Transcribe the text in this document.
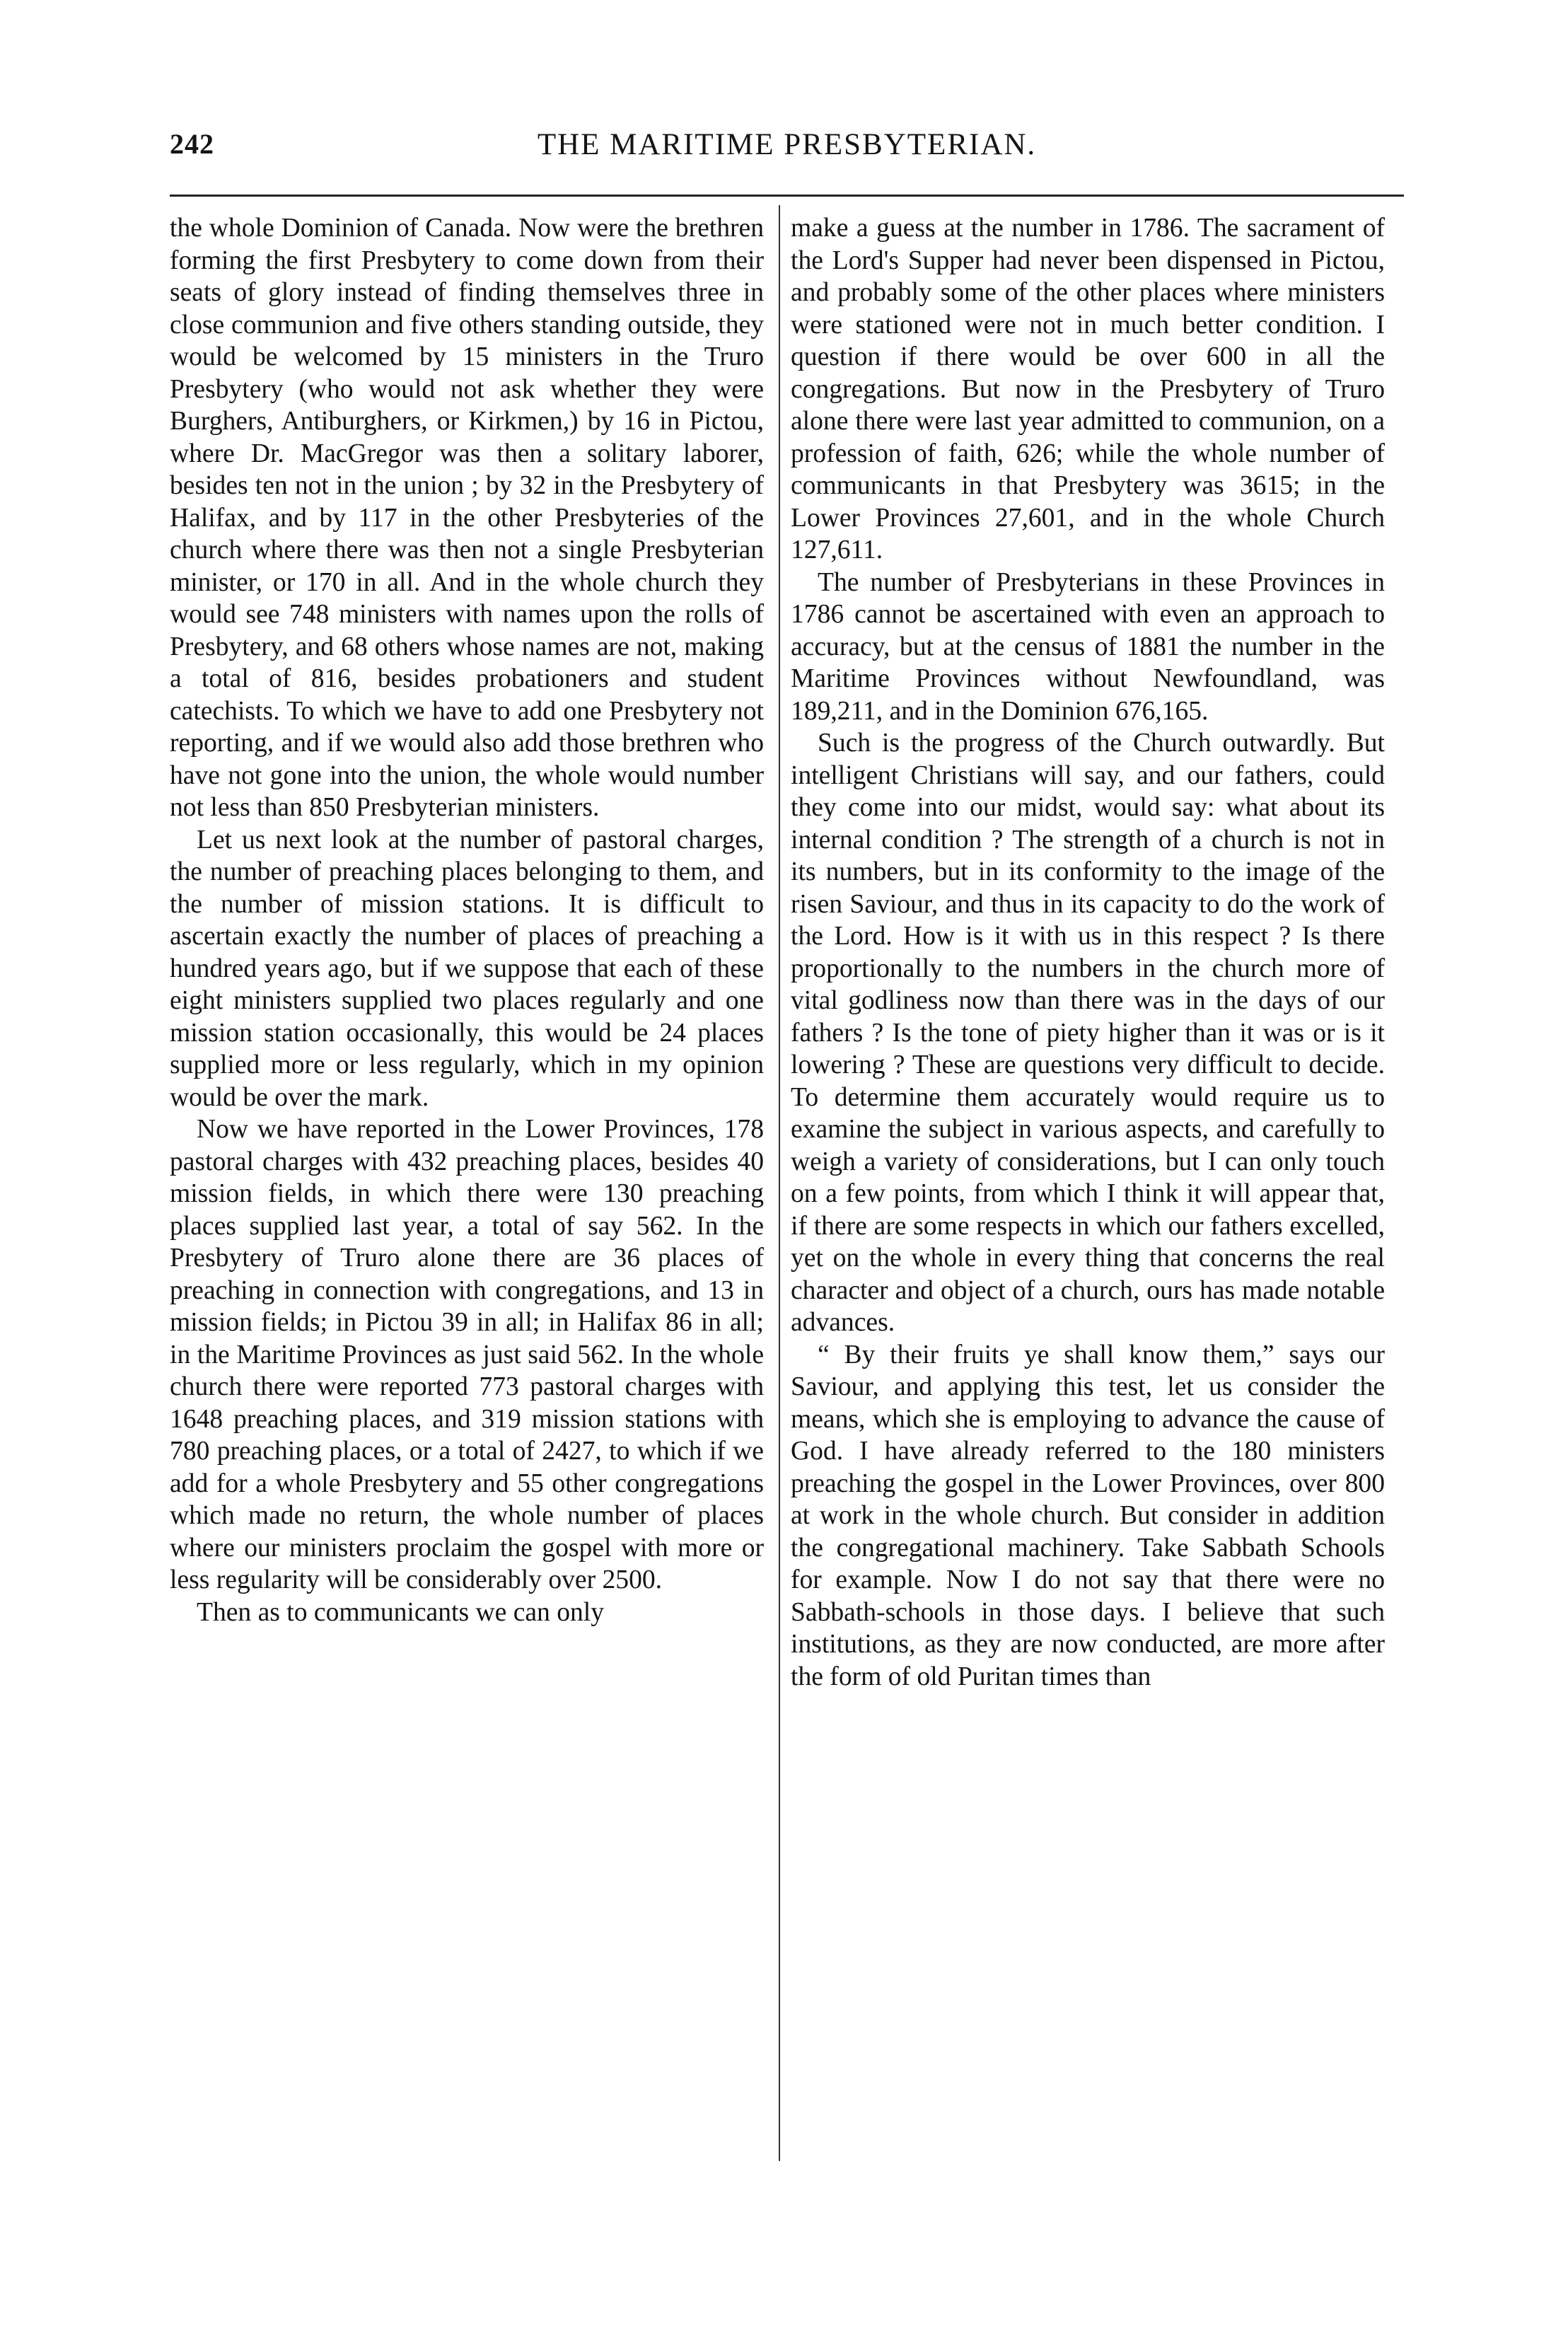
242	THE MARITIME PRESBYTERIAN.

the whole Dominion of Canada. Now were the brethren forming the first Presbytery to come down from their seats of glory instead of finding themselves three in close communion and five others standing outside, they would be welcomed by 15 ministers in the Truro Presbytery (who would not ask whether they were Burghers, Antiburghers, or Kirkmen,) by 16 in Pictou, where Dr. MacGregor was then a solitary laborer, besides ten not in the union ; by 32 in the Presbytery of Halifax, and by 117 in the other Presbyteries of the church where there was then not a single Presbyterian minister, or 170 in all. And in the whole church they would see 748 ministers with names upon the rolls of Presbytery, and 68 others whose names are not, making a total of 816, besides probationers and student catechists. To which we have to add one Presbytery not reporting, and if we would also add those brethren who have not gone into the union, the whole would number not less than 850 Presbyterian ministers.

Let us next look at the number of pastoral charges, the number of preaching places belonging to them, and the number of mission stations. It is difficult to ascertain exactly the number of places of preaching a hundred years ago, but if we suppose that each of these eight ministers supplied two places regularly and one mission station occasionally, this would be 24 places supplied more or less regularly, which in my opinion would be over the mark.

Now we have reported in the Lower Provinces, 178 pastoral charges with 432 preaching places, besides 40 mission fields, in which there were 130 preaching places supplied last year, a total of say 562. In the Presbytery of Truro alone there are 36 places of preaching in connection with congregations, and 13 in mission fields; in Pictou 39 in all; in Halifax 86 in all; in the Maritime Provinces as just said 562. In the whole church there were reported 773 pastoral charges with 1648 preaching places, and 319 mission stations with 780 preaching places, or a total of 2427, to which if we add for a whole Presbytery and 55 other congregations which made no return, the whole number of places where our ministers proclaim the gospel with more or less regularity will be considerably over 2500.

Then as to communicants we can only

make a guess at the number in 1786. The sacrament of the Lord's Supper had never been dispensed in Pictou, and probably some of the other places where ministers were stationed were not in much better condition. I question if there would be over 600 in all the congregations. But now in the Presbytery of Truro alone there were last year admitted to communion, on a profession of faith, 626; while the whole number of communicants in that Presbytery was 3615; in the Lower Provinces 27,601, and in the whole Church 127,611.

The number of Presbyterians in these Provinces in 1786 cannot be ascertained with even an approach to accuracy, but at the census of 1881 the number in the Maritime Provinces without Newfoundland, was 189,211, and in the Dominion 676,165.

Such is the progress of the Church outwardly. But intelligent Christians will say, and our fathers, could they come into our midst, would say: what about its internal condition ? The strength of a church is not in its numbers, but in its conformity to the image of the risen Saviour, and thus in its capacity to do the work of the Lord. How is it with us in this respect ? Is there proportionally to the numbers in the church more of vital godliness now than there was in the days of our fathers ? Is the tone of piety higher than it was or is it lowering ? These are questions very difficult to decide. To determine them accurately would require us to examine the subject in various aspects, and carefully to weigh a variety of considerations, but I can only touch on a few points, from which I think it will appear that, if there are some respects in which our fathers excelled, yet on the whole in every thing that concerns the real character and object of a church, ours has made notable advances.

“ By their fruits ye shall know them,” says our Saviour, and applying this test, let us consider the means, which she is employing to advance the cause of God. I have already referred to the 180 ministers preaching the gospel in the Lower Provinces, over 800 at work in the whole church. But consider in addition the congregational machinery. Take Sabbath Schools for example. Now I do not say that there were no Sabbath-schools in those days. I believe that such institutions, as they are now conducted, are more after the form of old Puritan times than
